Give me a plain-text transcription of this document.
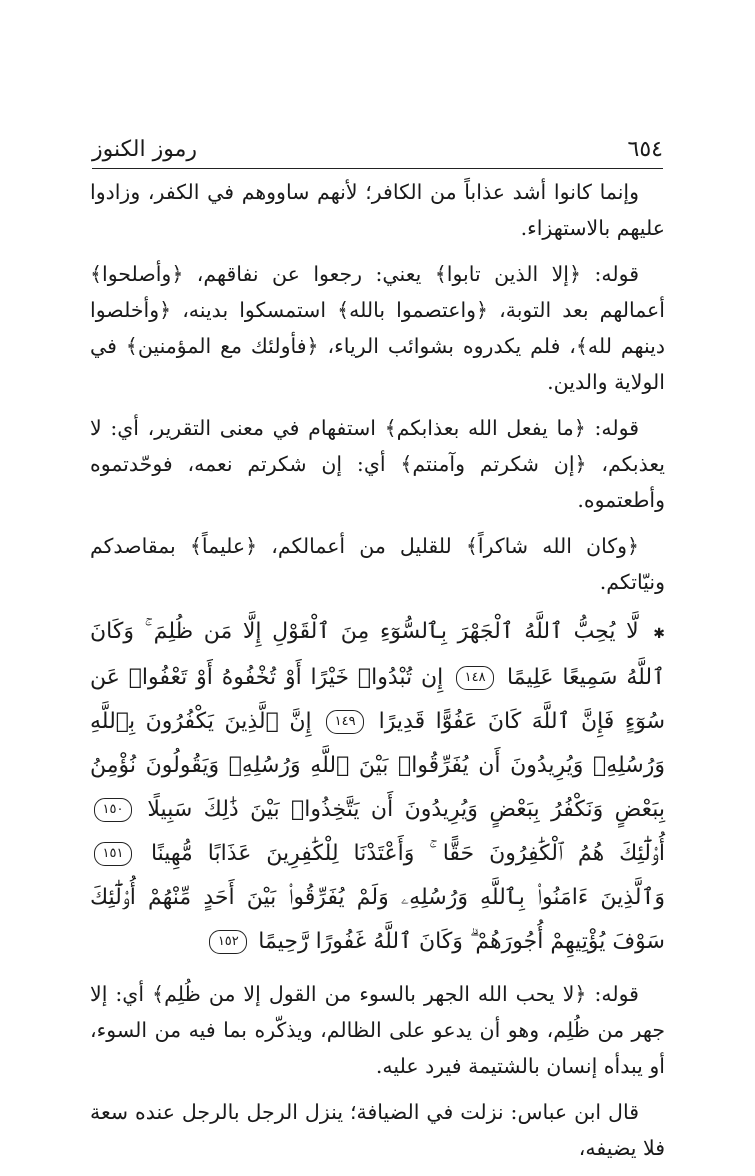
٦٥٤
رموز الكنوز

وإنما كانوا أشد عذاباً من الكافر؛ لأنهم ساووهم في الكفر، وزادوا عليهم بالاستهزاء.

قوله: ﴿إلا الذين تابوا﴾ يعني: رجعوا عن نفاقهم، ﴿وأصلحوا﴾ أعمالهم بعد التوبة، ﴿واعتصموا بالله﴾ استمسكوا بدينه، ﴿وأخلصوا دينهم لله﴾، فلم يكدروه بشوائب الرياء، ﴿فأولئك مع المؤمنين﴾ في الولاية والدين.

قوله: ﴿ما يفعل الله بعذابكم﴾ استفهام في معنى التقرير، أي: لا يعذبكم، ﴿إن شكرتم وآمنتم﴾ أي: إن شكرتم نعمه، فوحّدتموه وأطعتموه.

﴿وكان الله شاكراً﴾ للقليل من أعمالكم، ﴿عليماً﴾ بمقاصدكم ونيّاتكم.

✱ لَّا يُحِبُّ ٱللَّهُ ٱلْجَهْرَ بِٱلسُّوٓءِ مِنَ ٱلْقَوْلِ إِلَّا مَن ظُلِمَ ۚ وَكَانَ ٱللَّهُ سَمِيعًا عَلِيمًا ١٤٨ إِن تُبْدُوا۟ خَيْرًا أَوْ تُخْفُوهُ أَوْ تَعْفُوا۟ عَن سُوٓءٍ فَإِنَّ ٱللَّهَ كَانَ عَفُوًّا قَدِيرًا ١٤٩ إِنَّ ٱلَّذِينَ يَكْفُرُونَ بِٱللَّهِ وَرُسُلِهِۦ وَيُرِيدُونَ أَن يُفَرِّقُوا۟ بَيْنَ ٱللَّهِ وَرُسُلِهِۦ وَيَقُولُونَ نُؤْمِنُ بِبَعْضٍ وَنَكْفُرُ بِبَعْضٍ وَيُرِيدُونَ أَن يَتَّخِذُوا۟ بَيْنَ ذَٰلِكَ سَبِيلًا ١٥٠ أُو۟لَٰٓئِكَ هُمُ ٱلْكَٰفِرُونَ حَقًّا ۚ وَأَعْتَدْنَا لِلْكَٰفِرِينَ عَذَابًا مُّهِينًا ١٥١ وَٱلَّذِينَ ءَامَنُوا۟ بِٱللَّهِ وَرُسُلِهِۦ وَلَمْ يُفَرِّقُوا۟ بَيْنَ أَحَدٍ مِّنْهُمْ أُو۟لَٰٓئِكَ سَوْفَ يُؤْتِيهِمْ أُجُورَهُمْ ۗ وَكَانَ ٱللَّهُ غَفُورًا رَّحِيمًا ١٥٢

قوله: ﴿لا يحب الله الجهر بالسوء من القول إلا من ظُلِم﴾ أي: إلا جهر من ظُلِم، وهو أن يدعو على الظالم، ويذكّره بما فيه من السوء، أو يبدأه إنسان بالشتيمة فيرد عليه.

قال ابن عباس: نزلت في الضيافة؛ ينزل الرجل بالرجل عنده سعة فلا يضيفه،
